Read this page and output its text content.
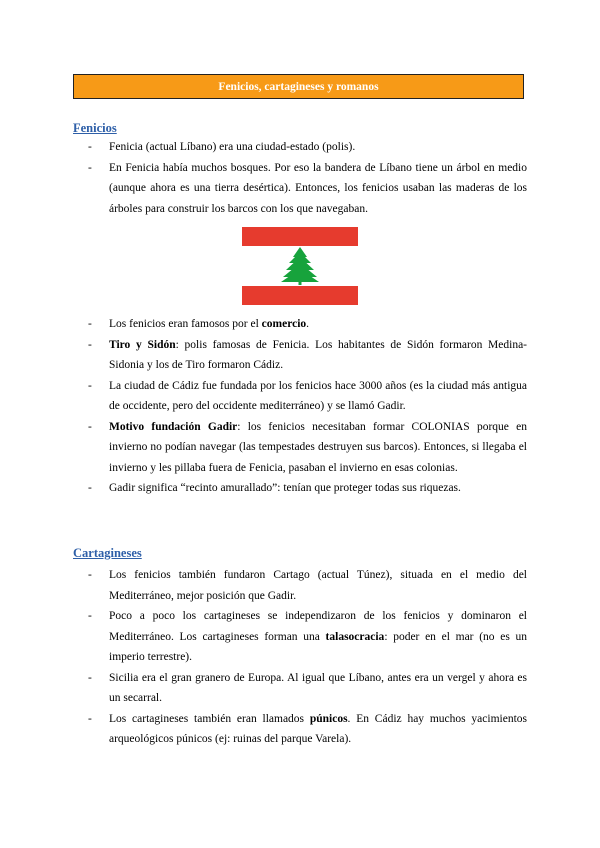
Fenicios, cartagineses y romanos
Fenicios
- Fenicia (actual Líbano) era una ciudad-estado (polis).
- En Fenicia había muchos bosques. Por eso la bandera de Líbano tiene un árbol en medio (aunque ahora es una tierra desértica). Entonces, los fenicios usaban las maderas de los árboles para construir los barcos con los que navegaban.
- Los fenicios eran famosos por el comercio.
- Tiro y Sidón: polis famosas de Fenicia. Los habitantes de Sidón formaron Medina-Sidonia y los de Tiro formaron Cádiz.
- La ciudad de Cádiz fue fundada por los fenicios hace 3000 años (es la ciudad más antigua de occidente, pero del occidente mediterráneo) y se llamó Gadir.
- Motivo fundación Gadir: los fenicios necesitaban formar COLONIAS porque en invierno no podían navegar (las tempestades destruyen sus barcos). Entonces, si llegaba el invierno y les pillaba fuera de Fenicia, pasaban el invierno en esas colonias.
- Gadir significa “recinto amurallado”: tenían que proteger todas sus riquezas.
Cartagineses
- Los fenicios también fundaron Cartago (actual Túnez), situada en el medio del Mediterráneo, mejor posición que Gadir.
- Poco a poco los cartagineses se independizaron de los fenicios y dominaron el Mediterráneo. Los cartagineses forman una talasocracia: poder en el mar (no es un imperio terrestre).
- Sicilia era el gran granero de Europa. Al igual que Líbano, antes era un vergel y ahora es un secarral.
- Los cartagineses también eran llamados púnicos. En Cádiz hay muchos yacimientos arqueológicos púnicos (ej: ruinas del parque Varela).
